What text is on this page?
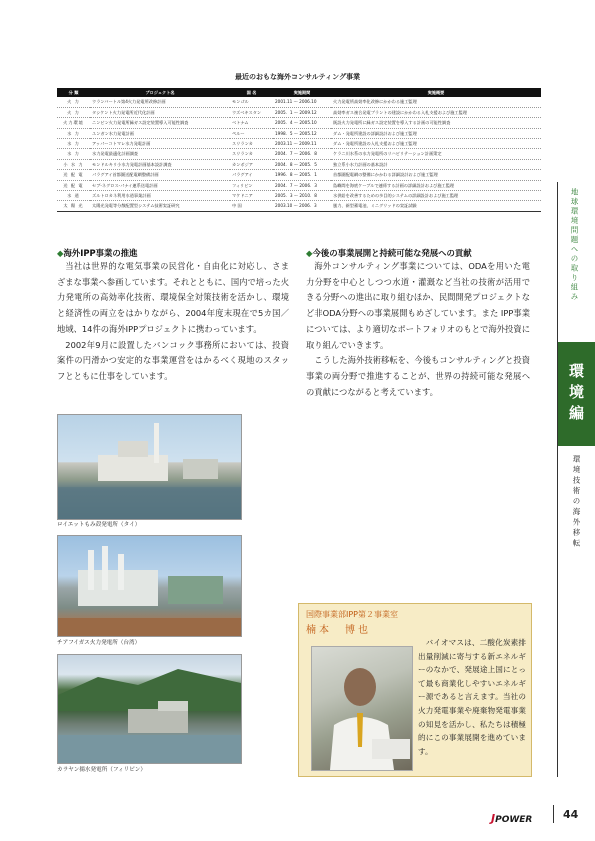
最近のおもな海外コンサルティング事業
分 類	プロジェクト名	国 名	実施期間	実施概要
火 力	ウランバートル第4火力発電所改修計画	モンゴル	2001.11 ～ 2006.10	火力発電所高効率化改修にかかわる施工監理
火 力	タシケント火力発電所近代化計画	ウズベキスタン	2005．1 ～ 2009.12	高効率ガス複合発電プラントの建設にかかわる入札支援および施工監理
火力環境	ニンビン火力発電所緑ガス設定装置導入可能性調査	ベトナム	2005．4 ～ 2005.10	既設火力発電所に緑ガス設定装置を導入する計画の可能性調査
水 力	ユンガン水力発電計画	ペルー	1998．5 ～ 2005.12	ダム・発電所建設の詳細設計および施工監理
水 力	アッパーコトマレ水力発電計画	スリランカ	2003.11 ～ 2009.11	ダム・発電所建設の入札支援および施工監理
水 力	水力発電最適化計画調査	スリランカ	2004．7 ～ 2006．8	ケラニ川水系の水力発電所のリハビリテーション計画策定
小 水 力	モンドルキリ小水力発電計画基本設計調査	カンボジア	2004．8 ～ 2005．5	独立系小水力計画の基本設計
送 配 電	パラグアイ首都圏送配電網整備計画	パラグアイ	1996．8 ～ 2005．1	首都圏配電網の整備にかかわる詳細設計および施工監理
送 配 電	セブ-ネグロス-パナイ連系送電計画	フィリピン	2004．7 ～ 2006．3	島嶼間を海底ケーブルで連係する計画の詳細設計および施工監理
水 道	ズルトロカネ利用水道事業計画	マケドニア	2005．3 ～ 2010．8	水供給を改善するための多目的システムの詳細設計および施工監理
太 陽 光	太陽光発電等分散配置型システム技術実証研究	中 国	2003.10 ～ 2006．3	風力、新型蓄電池、ミニグリッドの実証試験	地球環境問題への取り組み
環境編
環境技術の海外移転
◆海外IPP事業の推進

当社は世界的な電気事業の民営化・自由化に対応し、さまざまな事業へ参画しています。それとともに、国内で培った火力発電所の高効率化技術、環境保全対策技術を活かし、環境と経済性の両立をはかりながら、2004年度末現在で5カ国／地域、14件の海外IPPプロジェクトに携わっています。

2002年9月に設置したバンコック事務所においては、投資案件の円滑かつ安定的な事業運営をはかるべく現地のスタッフとともに仕事をしています。

◆今後の事業展開と持続可能な発展への貢献

海外コンサルティング事業については、ODAを用いた電力分野を中心としつつ水道・灌漑など当社の技術が活用できる分野への進出に取り組むほか、民間開発プロジェクトなど非ODA分野への事業展開もめざしています。また IPP事業については、より適切なポートフォリオのもとで海外投資に取り組んでいきます。

こうした海外技術移転を、今後もコンサルティングと投資事業の両分野で推進することが、世界の持続可能な発展への貢献につながると考えています。

ロイエットもみ殻発電所（タイ）
チアフイガス火力発電所（台湾）
カラヤン揚水発電所（フィリピン）
国際事業部IPP第２事業室
楠本　博也
バイオマスは、二酸化炭素排出量削減に寄与する新エネルギーのなかで、発展途上国にとって最も商業化しやすいエネルギー源であると言えます。当社の火力発電事業や廃棄物発電事業の知見を活かし、私たちは積極的にこの事業展開を進めています。
JPOWER	44
